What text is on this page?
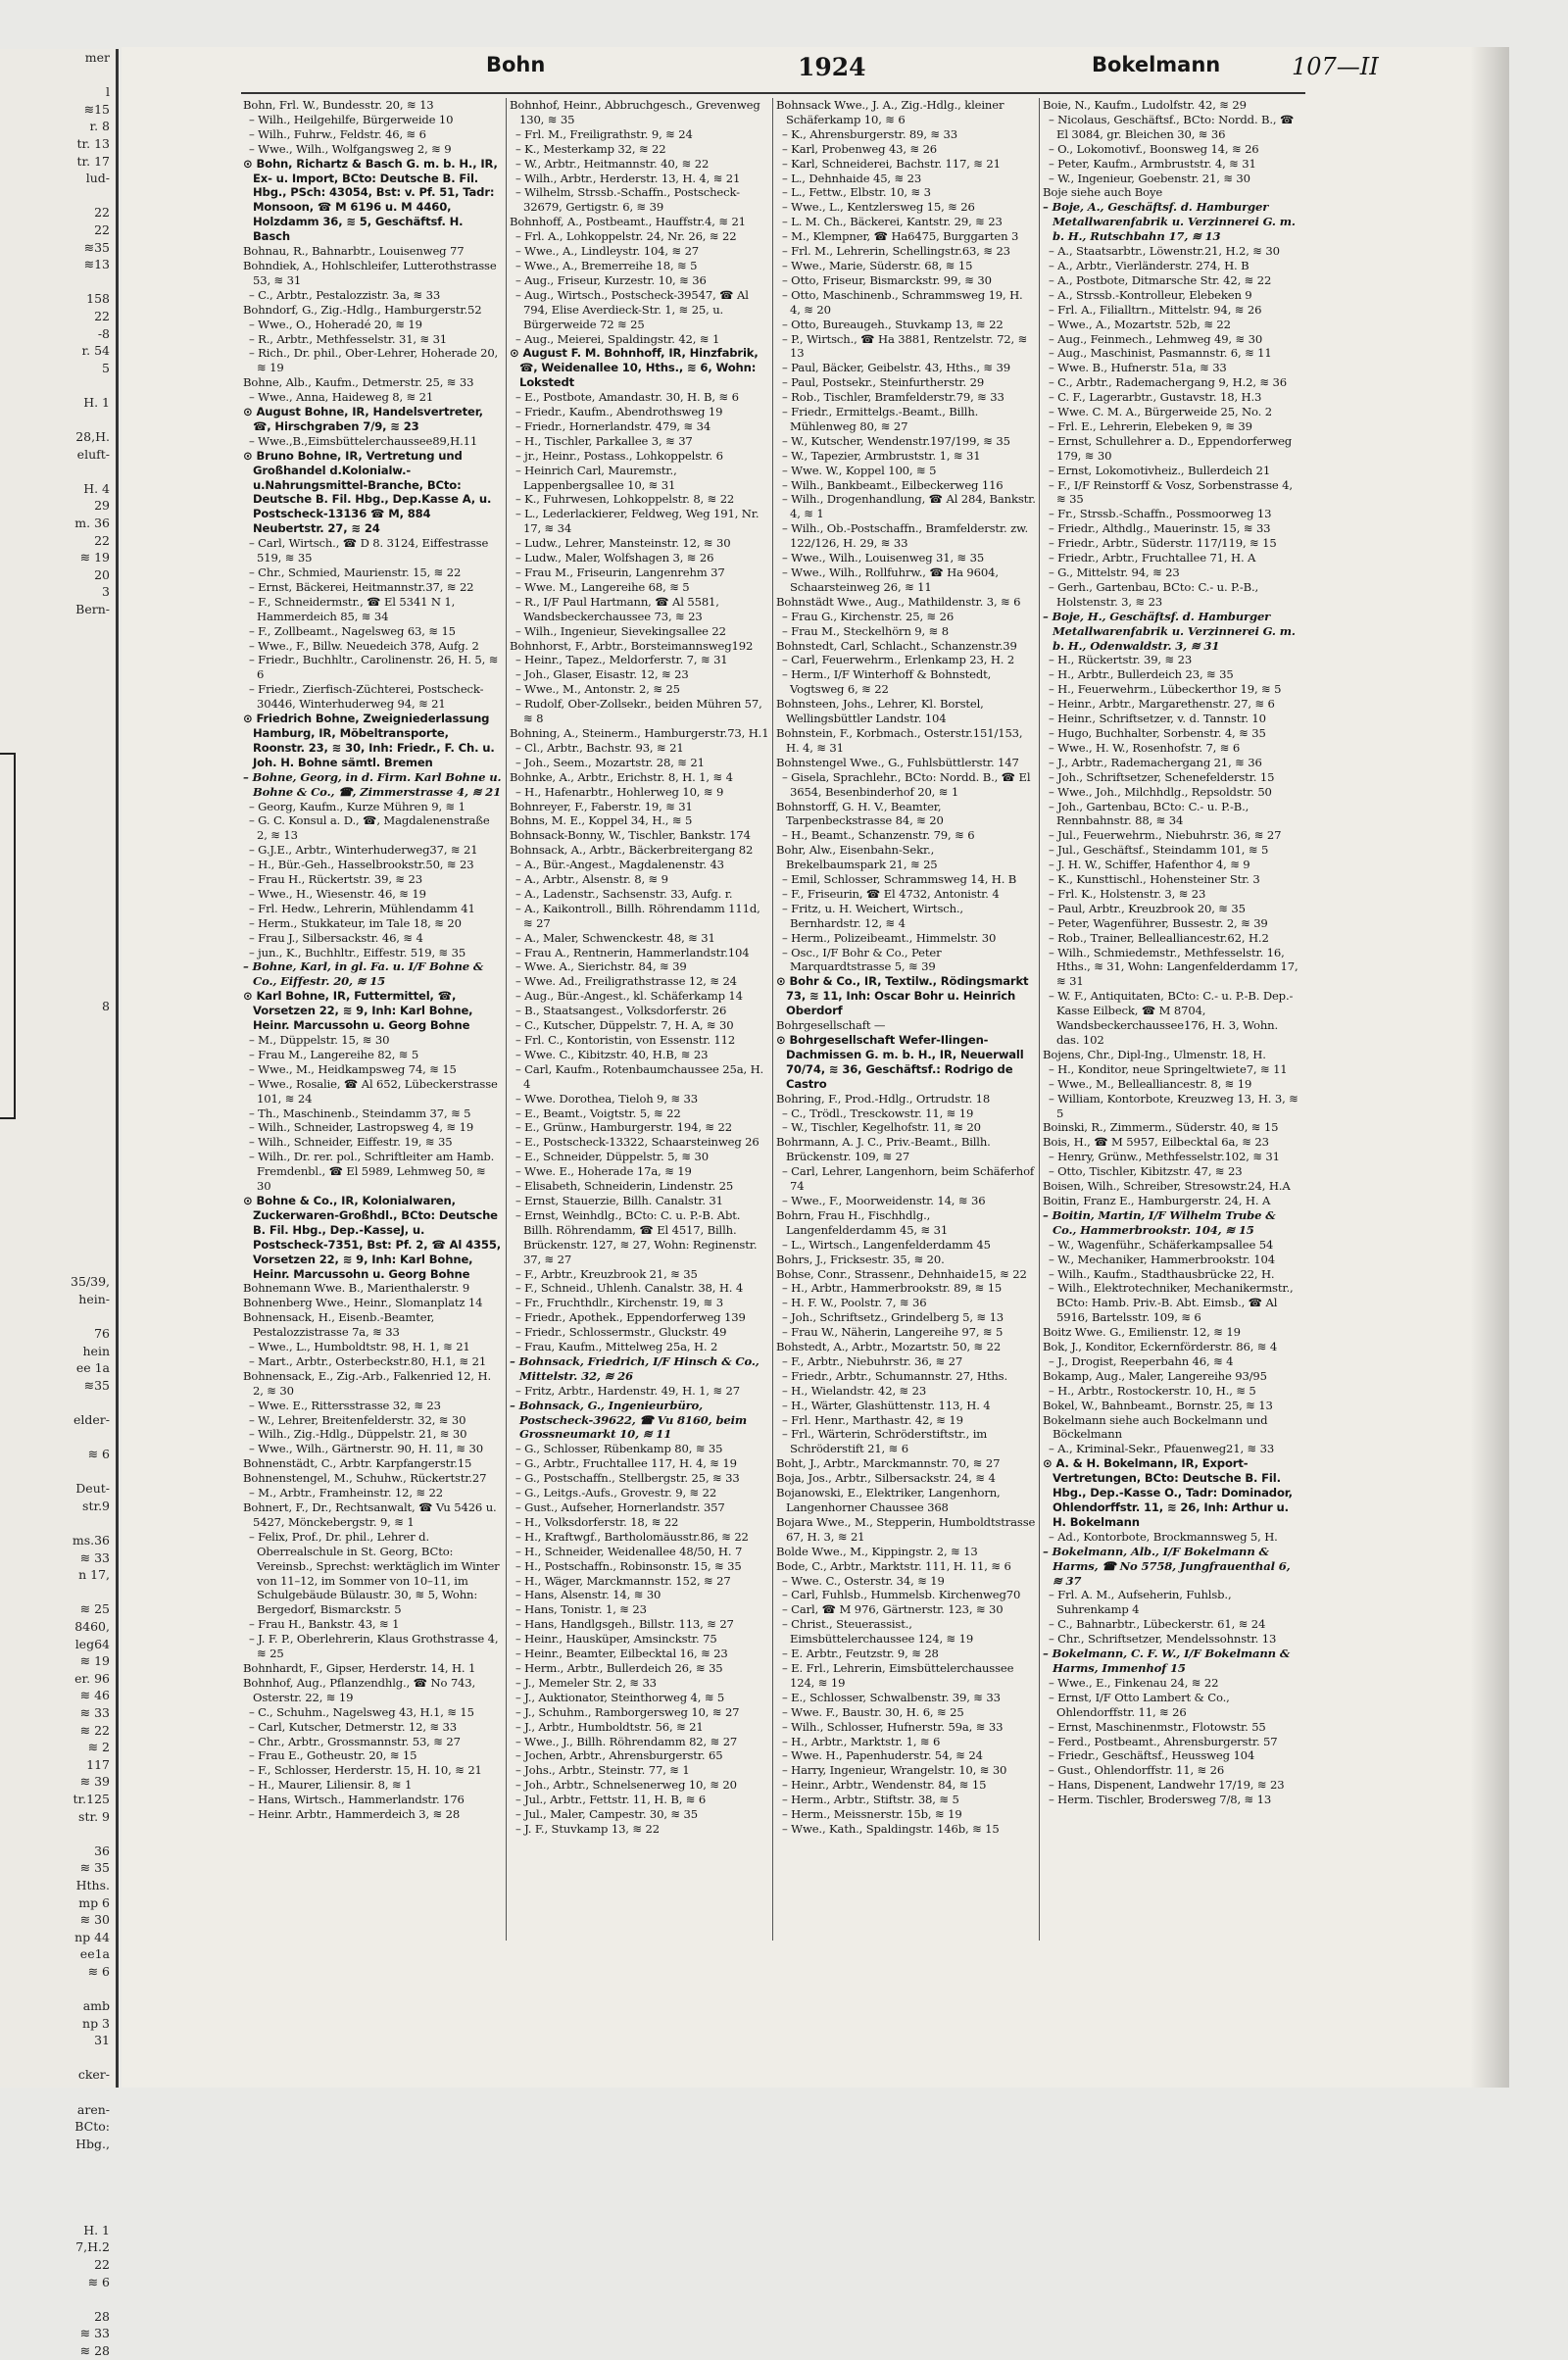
mer

l
≋15
r. 8
tr. 13
tr. 17
lud-

22
22
≋35
≋13

158
22
-8
r. 54
5

H. 1

28,H.
eluft-

H. 4
29
m. 36
22
≋ 19
20
3
Bern-

8

35/39,
hein-

76
hein
ee 1a
≋35

elder-

≋ 6

Deut-
str.9

ms.36
≋ 33
n 17,

≋ 25
8460,
leg64
≋ 19
er. 96
≋ 46
≋ 33
≋ 22
≋ 2
117
≋ 39
tr.125
str. 9

36
≋ 35
Hths.
mp 6
≋ 30
np 44
ee1a
≋ 6

amb
np 3
31

cker-

aren-
BCto:
Hbg.,

H. 1
7,H.2
22
≋ 6

28
≋ 33
≋ 28
Bohn	1924	Bokelmann	107—II

Bohn, Frl. W., Bundesstr. 20, ≋ 13

– Wilh., Heilgehilfe, Bürgerweide 10

– Wilh., Fuhrw., Feldstr. 46, ≋ 6

– Wwe., Wilh., Wolfgangsweg 2, ≋ 9

⊙ Bohn, Richartz & Basch G. m. b. H., IR, Ex- u. Import, BCto: Deutsche B. Fil. Hbg., PSch: 43054, Bst: v. Pf. 51, Tadr: Monsoon, ☎ M 6196 u. M 4460, Holzdamm 36, ≋ 5, Geschäftsf. H. Basch

Bohnau, R., Bahnarbtr., Louisenweg 77

Bohndiek, A., Hohlschleifer, Lutterothstrasse 53, ≋ 31

– C., Arbtr., Pestalozzistr. 3a, ≋ 33

Bohndorf, G., Zig.-Hdlg., Hamburgerstr.52

– Wwe., O., Hoheradé 20, ≋ 19

– R., Arbtr., Methfesselstr. 31, ≋ 31

– Rich., Dr. phil., Ober-Lehrer, Hoherade 20, ≋ 19

Bohne, Alb., Kaufm., Detmerstr. 25, ≋ 33

– Wwe., Anna, Haideweg 8, ≋ 21

⊙ August Bohne, IR, Handelsvertreter, ☎, Hirschgraben 7/9, ≋ 23

– Wwe.,B.,Eimsbüttelerchaussee89,H.11

⊙ Bruno Bohne, IR, Vertretung und Großhandel d.Kolonialw.-u.Nahrungsmittel-Branche, BCto: Deutsche B. Fil. Hbg., Dep.Kasse A, u. Postscheck-13136 ☎ M, 884 Neubertstr. 27, ≋ 24

– Carl, Wirtsch., ☎ D 8. 3124, Eiffestrasse 519, ≋ 35

– Chr., Schmied, Maurienstr. 15, ≋ 22

– Ernst, Bäckerei, Heitmannstr.37, ≋ 22

– F., Schneidermstr., ☎ El 5341 N 1, Hammerdeich 85, ≋ 34

– F., Zollbeamt., Nagelsweg 63, ≋ 15

– Wwe., F., Billw. Neuedeich 378, Aufg. 2

– Friedr., Buchhltr., Carolinenstr. 26, H. 5, ≋ 6

– Friedr., Zierfisch-Züchterei, Postscheck-30446, Winterhuderweg 94, ≋ 21

⊙ Friedrich Bohne, Zweigniederlassung Hamburg, IR, Möbeltransporte, Roonstr. 23, ≋ 30, Inh: Friedr., F. Ch. u. Joh. H. Bohne sämtl. Bremen

– Bohne, Georg, in d. Firm. Karl Bohne u. Bohne & Co., ☎, Zimmerstrasse 4, ≋ 21

– Georg, Kaufm., Kurze Mühren 9, ≋ 1

– G. C. Konsul a. D., ☎, Magdalenenstraße 2, ≋ 13

– G.J.E., Arbtr., Winterhuderweg37, ≋ 21

– H., Bür.-Geh., Hasselbrookstr.50, ≋ 23

– Frau H., Rückertstr. 39, ≋ 23

– Wwe., H., Wiesenstr. 46, ≋ 19

– Frl. Hedw., Lehrerin, Mühlendamm 41

– Herm., Stukkateur, im Tale 18, ≋ 20

– Frau J., Silbersackstr. 46, ≋ 4

– jun., K., Buchhltr., Eiffestr. 519, ≋ 35

– Bohne, Karl, in gl. Fa. u. I/F Bohne & Co., Eiffestr. 20, ≋ 15

⊙ Karl Bohne, IR, Futtermittel, ☎, Vorsetzen 22, ≋ 9, Inh: Karl Bohne, Heinr. Marcussohn u. Georg Bohne

– M., Düppelstr. 15, ≋ 30

– Frau M., Langereihe 82, ≋ 5

– Wwe., M., Heidkampsweg 74, ≋ 15

– Wwe., Rosalie, ☎ Al 652, Lübeckerstrasse 101, ≋ 24

– Th., Maschinenb., Steindamm 37, ≋ 5

– Wilh., Schneider, Lastropsweg 4, ≋ 19

– Wilh., Schneider, Eiffestr. 19, ≋ 35

– Wilh., Dr. rer. pol., Schriftleiter am Hamb. Fremdenbl., ☎ El 5989, Lehmweg 50, ≋ 30

⊙ Bohne & Co., IR, Kolonialwaren, Zuckerwaren-Großhdl., BCto: Deutsche B. Fil. Hbg., Dep.-KasseJ, u. Postscheck-7351, Bst: Pf. 2, ☎ Al 4355, Vorsetzen 22, ≋ 9, Inh: Karl Bohne, Heinr. Marcussohn u. Georg Bohne

Bohnemann Wwe. B., Marienthalerstr. 9

Bohnenberg Wwe., Heinr., Slomanplatz 14

Bohnensack, H., Eisenb.-Beamter, Pestalozzistrasse 7a, ≋ 33

– Wwe., L., Humboldtstr. 98, H. 1, ≋ 21

– Mart., Arbtr., Osterbeckstr.80, H.1, ≋ 21

Bohnensack, E., Zig.-Arb., Falkenried 12, H. 2, ≋ 30

– Wwe. E., Rittersstrasse 32, ≋ 23

– W., Lehrer, Breitenfelderstr. 32, ≋ 30

– Wilh., Zig.-Hdlg., Düppelstr. 21, ≋ 30

– Wwe., Wilh., Gärtnerstr. 90, H. 11, ≋ 30

Bohnenstädt, C., Arbtr. Karpfangerstr.15

Bohnenstengel, M., Schuhw., Rückertstr.27

– M., Arbtr., Framheinstr. 12, ≋ 22

Bohnert, F., Dr., Rechtsanwalt, ☎ Vu 5426 u. 5427, Mönckebergstr. 9, ≋ 1

– Felix, Prof., Dr. phil., Lehrer d. Oberrealschule in St. Georg, BCto: Vereinsb., Sprechst: werktäglich im Winter von 11–12, im Sommer von 10–11, im Schulgebäude Bülaustr. 30, ≋ 5, Wohn: Bergedorf, Bismarckstr. 5

– Frau H., Bankstr. 43, ≋ 1

– J. F. P., Oberlehrerin, Klaus Grothstrasse 4, ≋ 25

Bohnhardt, F., Gipser, Herderstr. 14, H. 1

Bohnhof, Aug., Pflanzendhlg., ☎ No 743, Osterstr. 22, ≋ 19

– C., Schuhm., Nagelsweg 43, H.1, ≋ 15

– Carl, Kutscher, Detmerstr. 12, ≋ 33

– Chr., Arbtr., Grossmannstr. 53, ≋ 27

– Frau E., Gotheustr. 20, ≋ 15

– F., Schlosser, Herderstr. 15, H. 10, ≋ 21

– H., Maurer, Liliensir. 8, ≋ 1

– Hans, Wirtsch., Hammerlandstr. 176

– Heinr. Arbtr., Hammerdeich 3, ≋ 28

Bohnhof, Heinr., Abbruchgesch., Grevenweg 130, ≋ 35

– Frl. M., Freiligrathstr. 9, ≋ 24

– K., Mesterkamp 32, ≋ 22

– W., Arbtr., Heitmannstr. 40, ≋ 22

– Wilh., Arbtr., Herderstr. 13, H. 4, ≋ 21

– Wilhelm, Strssb.-Schaffn., Postscheck-32679, Gertigstr. 6, ≋ 39

Bohnhoff, A., Postbeamt., Hauffstr.4, ≋ 21

– Frl. A., Lohkoppelstr. 24, Nr. 26, ≋ 22

– Wwe., A., Lindleystr. 104, ≋ 27

– Wwe., A., Bremerreihe 18, ≋ 5

– Aug., Friseur, Kurzestr. 10, ≋ 36

– Aug., Wirtsch., Postscheck-39547, ☎ Al 794, Elise Averdieck-Str. 1, ≋ 25, u. Bürgerweide 72 ≋ 25

– Aug., Meierei, Spaldingstr. 42, ≋ 1

⊙ August F. M. Bohnhoff, IR, Hinzfabrik, ☎, Weidenallee 10, Hths., ≋ 6, Wohn: Lokstedt

– E., Postbote, Amandastr. 30, H. B, ≋ 6

– Friedr., Kaufm., Abendrothsweg 19

– Friedr., Hornerlandstr. 479, ≋ 34

– H., Tischler, Parkallee 3, ≋ 37

– jr., Heinr., Postass., Lohkoppelstr. 6

– Heinrich Carl, Mauremstr., Lappenbergsallee 10, ≋ 31

– K., Fuhrwesen, Lohkoppelstr. 8, ≋ 22

– L., Lederlackierer, Feldweg, Weg 191, Nr. 17, ≋ 34

– Ludw., Lehrer, Mansteinstr. 12, ≋ 30

– Ludw., Maler, Wolfshagen 3, ≋ 26

– Frau M., Friseurin, Langenrehm 37

– Wwe. M., Langereihe 68, ≋ 5

– R., I/F Paul Hartmann, ☎ Al 5581, Wandsbeckerchaussee 73, ≋ 23

– Wilh., Ingenieur, Sievekingsallee 22

Bohnhorst, F., Arbtr., Borsteimannsweg192

– Heinr., Tapez., Meldorferstr. 7, ≋ 31

– Joh., Glaser, Eisastr. 12, ≋ 23

– Wwe., M., Antonstr. 2, ≋ 25

– Rudolf, Ober-Zollsekr., beiden Mühren 57, ≋ 8

Bohning, A., Steinerm., Hamburgerstr.73, H.1

– Cl., Arbtr., Bachstr. 93, ≋ 21

– Joh., Seem., Mozartstr. 28, ≋ 21

Bohnke, A., Arbtr., Erichstr. 8, H. 1, ≋ 4

– H., Hafenarbtr., Hohlerweg 10, ≋ 9

Bohnreyer, F., Faberstr. 19, ≋ 31

Bohns, M. E., Koppel 34, H., ≋ 5

Bohnsack-Bonny, W., Tischler, Bankstr. 174

Bohnsack, A., Arbtr., Bäckerbreitergang 82

– A., Bür.-Angest., Magdalenenstr. 43

– A., Arbtr., Alsenstr. 8, ≋ 9

– A., Ladenstr., Sachsenstr. 33, Aufg. r.

– A., Kaikontroll., Billh. Röhrendamm 111d, ≋ 27

– A., Maler, Schwenckestr. 48, ≋ 31

– Frau A., Rentnerin, Hammerlandstr.104

– Wwe. A., Sierichstr. 84, ≋ 39

– Wwe. Ad., Freiligrathstrasse 12, ≋ 24

– Aug., Bür.-Angest., kl. Schäferkamp 14

– B., Staatsangest., Volksdorferstr. 26

– C., Kutscher, Düppelstr. 7, H. A, ≋ 30

– Frl. C., Kontoristin, von Essenstr. 112

– Wwe. C., Kibitzstr. 40, H.B, ≋ 23

– Carl, Kaufm., Rotenbaumchaussee 25a, H. 4

– Wwe. Dorothea, Tieloh 9, ≋ 33

– E., Beamt., Voigtstr. 5, ≋ 22

– E., Grünw., Hamburgerstr. 194, ≋ 22

– E., Postscheck-13322, Schaarsteinweg 26

– E., Schneider, Düppelstr. 5, ≋ 30

– Wwe. E., Hoherade 17a, ≋ 19

– Elisabeth, Schneiderin, Lindenstr. 25

– Ernst, Stauerzie, Billh. Canalstr. 31

– Ernst, Weinhdlg., BCto: C. u. P.-B. Abt. Billh. Röhrendamm, ☎ El 4517, Billh. Brückenstr. 127, ≋ 27, Wohn: Reginenstr. 37, ≋ 27

– F., Arbtr., Kreuzbrook 21, ≋ 35

– F., Schneid., Uhlenh. Canalstr. 38, H. 4

– Fr., Fruchthdlr., Kirchenstr. 19, ≋ 3

– Friedr., Apothek., Eppendorferweg 139

– Friedr., Schlossermstr., Gluckstr. 49

– Frau, Kaufm., Mittelweg 25a, H. 2

– Bohnsack, Friedrich, I/F Hinsch & Co., Mittelstr. 32, ≋ 26

– Fritz, Arbtr., Hardenstr. 49, H. 1, ≋ 27

– Bohnsack, G., Ingenieurbüro, Postscheck-39622, ☎ Vu 8160, beim Grossneumarkt 10, ≋ 11

– G., Schlosser, Rübenkamp 80, ≋ 35

– G., Arbtr., Fruchtallee 117, H. 4, ≋ 19

– G., Postschaffn., Stellbergstr. 25, ≋ 33

– G., Leitgs.-Aufs., Grovestr. 9, ≋ 22

– Gust., Aufseher, Hornerlandstr. 357

– H., Volksdorferstr. 18, ≋ 22

– H., Kraftwgf., Bartholomäusstr.86, ≋ 22

– H., Schneider, Weidenallee 48/50, H. 7

– H., Postschaffn., Robinsonstr. 15, ≋ 35

– H., Wäger, Marckmannstr. 152, ≋ 27

– Hans, Alsenstr. 14, ≋ 30

– Hans, Tonistr. 1, ≋ 23

– Hans, Handlgsgeh., Billstr. 113, ≋ 27

– Heinr., Hausküper, Amsinckstr. 75

– Heinr., Beamter, Eilbecktal 16, ≋ 23

– Herm., Arbtr., Bullerdeich 26, ≋ 35

– J., Memeler Str. 2, ≋ 33

– J., Auktionator, Steinthorweg 4, ≋ 5

– J., Schuhm., Ramborgersweg 10, ≋ 27

– J., Arbtr., Humboldtstr. 56, ≋ 21

– Wwe., J., Billh. Röhrendamm 82, ≋ 27

– Jochen, Arbtr., Ahrensburgerstr. 65

– Johs., Arbtr., Steinstr. 77, ≋ 1

– Joh., Arbtr., Schnelsenerweg 10, ≋ 20

– Jul., Arbtr., Fettstr. 11, H. B, ≋ 6

– Jul., Maler, Campestr. 30, ≋ 35

– J. F., Stuvkamp 13, ≋ 22

Bohnsack Wwe., J. A., Zig.-Hdlg., kleiner Schäferkamp 10, ≋ 6

– K., Ahrensburgerstr. 89, ≋ 33

– Karl, Probenweg 43, ≋ 26

– Karl, Schneiderei, Bachstr. 117, ≋ 21

– L., Dehnhaide 45, ≋ 23

– L., Fettw., Elbstr. 10, ≋ 3

– Wwe., L., Kentzlersweg 15, ≋ 26

– L. M. Ch., Bäckerei, Kantstr. 29, ≋ 23

– M., Klempner, ☎ Ha6475, Burggarten 3

– Frl. M., Lehrerin, Schellingstr.63, ≋ 23

– Wwe., Marie, Süderstr. 68, ≋ 15

– Otto, Friseur, Bismarckstr. 99, ≋ 30

– Otto, Maschinenb., Schrammsweg 19, H. 4, ≋ 20

– Otto, Bureaugeh., Stuvkamp 13, ≋ 22

– P., Wirtsch., ☎ Ha 3881, Rentzelstr. 72, ≋ 13

– Paul, Bäcker, Geibelstr. 43, Hths., ≋ 39

– Paul, Postsekr., Steinfurtherstr. 29

– Rob., Tischler, Bramfelderstr.79, ≋ 33

– Friedr., Ermittelgs.-Beamt., Billh. Mühlenweg 80, ≋ 27

– W., Kutscher, Wendenstr.197/199, ≋ 35

– W., Tapezier, Armbruststr. 1, ≋ 31

– Wwe. W., Koppel 100, ≋ 5

– Wilh., Bankbeamt., Eilbeckerweg 116

– Wilh., Drogenhandlung, ☎ Al 284, Bankstr. 4, ≋ 1

– Wilh., Ob.-Postschaffn., Bramfelderstr. zw. 122/126, H. 29, ≋ 33

– Wwe., Wilh., Louisenweg 31, ≋ 35

– Wwe., Wilh., Rollfuhrw., ☎ Ha 9604, Schaarsteinweg 26, ≋ 11

Bohnstädt Wwe., Aug., Mathildenstr. 3, ≋ 6

– Frau G., Kirchenstr. 25, ≋ 26

– Frau M., Steckelhörn 9, ≋ 8

Bohnstedt, Carl, Schlacht., Schanzenstr.39

– Carl, Feuerwehrm., Erlenkamp 23, H. 2

– Herm., I/F Winterhoff & Bohnstedt, Vogtsweg 6, ≋ 22

Bohnsteen, Johs., Lehrer, Kl. Borstel, Wellingsbüttler Landstr. 104

Bohnstein, F., Korbmach., Osterstr.151/153, H. 4, ≋ 31

Bohnstengel Wwe., G., Fuhlsbüttlerstr. 147

– Gisela, Sprachlehr., BCto: Nordd. B., ☎ El 3654, Besenbinderhof 20, ≋ 1

Bohnstorff, G. H. V., Beamter, Tarpenbeckstrasse 84, ≋ 20

– H., Beamt., Schanzenstr. 79, ≋ 6

Bohr, Alw., Eisenbahn-Sekr., Brekelbaumspark 21, ≋ 25

– Emil, Schlosser, Schrammsweg 14, H. B

– F., Friseurin, ☎ El 4732, Antonistr. 4

– Fritz, u. H. Weichert, Wirtsch., Bernhardstr. 12, ≋ 4

– Herm., Polizeibeamt., Himmelstr. 30

– Osc., I/F Bohr & Co., Peter Marquardtstrasse 5, ≋ 39

⊙ Bohr & Co., IR, Textilw., Rödingsmarkt 73, ≋ 11, Inh: Oscar Bohr u. Heinrich Oberdorf

Bohrgesellschaft —

⊙ Bohrgesellschaft Wefer-Ilingen-Dachmissen G. m. b. H., IR, Neuerwall 70/74, ≋ 36, Geschäftsf.: Rodrigo de Castro

Bohring, F., Prod.-Hdlg., Ortrudstr. 18

– C., Trödl., Tresckowstr. 11, ≋ 19

– W., Tischler, Kegelhofstr. 11, ≋ 20

Bohrmann, A. J. C., Priv.-Beamt., Billh. Brückenstr. 109, ≋ 27

– Carl, Lehrer, Langenhorn, beim Schäferhof 74

– Wwe., F., Moorweidenstr. 14, ≋ 36

Bohrn, Frau H., Fischhdlg., Langenfelderdamm 45, ≋ 31

– L., Wirtsch., Langenfelderdamm 45

Bohrs, J., Fricksestr. 35, ≋ 20.

Bohse, Conr., Strassenr., Dehnhaide15, ≋ 22

– H., Arbtr., Hammerbrookstr. 89, ≋ 15

– H. F. W., Poolstr. 7, ≋ 36

– Joh., Schriftsetz., Grindelberg 5, ≋ 13

– Frau W., Näherin, Langereihe 97, ≋ 5

Bohstedt, A., Arbtr., Mozartstr. 50, ≋ 22

– F., Arbtr., Niebuhrstr. 36, ≋ 27

– Friedr., Arbtr., Schumannstr. 27, Hths.

– H., Wielandstr. 42, ≋ 23

– H., Wärter, Glashüttenstr. 113, H. 4

– Frl. Henr., Marthastr. 42, ≋ 19

– Frl., Wärterin, Schröderstiftstr., im Schröderstift 21, ≋ 6

Boht, J., Arbtr., Marckmannstr. 70, ≋ 27

Boja, Jos., Arbtr., Silbersackstr. 24, ≋ 4

Bojanowski, E., Elektriker, Langenhorn, Langenhorner Chaussee 368

Bojara Wwe., M., Stepperin, Humboldtstrasse 67, H. 3, ≋ 21

Bolde Wwe., M., Kippingstr. 2, ≋ 13

Bode, C., Arbtr., Marktstr. 111, H. 11, ≋ 6

– Wwe. C., Osterstr. 34, ≋ 19

– Carl, Fuhlsb., Hummelsb. Kirchenweg70

– Carl, ☎ M 976, Gärtnerstr. 123, ≋ 30

– Christ., Steuerassist., Eimsbüttelerchaussee 124, ≋ 19

– E. Arbtr., Feutzstr. 9, ≋ 28

– E. Frl., Lehrerin, Eimsbüttelerchaussee 124, ≋ 19

– E., Schlosser, Schwalbenstr. 39, ≋ 33

– Wwe. F., Baustr. 30, H. 6, ≋ 25

– Wilh., Schlosser, Hufnerstr. 59a, ≋ 33

– H., Arbtr., Marktstr. 1, ≋ 6

– Wwe. H., Papenhuderstr. 54, ≋ 24

– Harry, Ingenieur, Wrangelstr. 10, ≋ 30

– Heinr., Arbtr., Wendenstr. 84, ≋ 15

– Herm., Arbtr., Stiftstr. 38, ≋ 5

– Herm., Meissnerstr. 15b, ≋ 19

– Wwe., Kath., Spaldingstr. 146b, ≋ 15

Boie, N., Kaufm., Ludolfstr. 42, ≋ 29

– Nicolaus, Geschäftsf., BCto: Nordd. B., ☎ El 3084, gr. Bleichen 30, ≋ 36

– O., Lokomotivf., Boonsweg 14, ≋ 26

– Peter, Kaufm., Armbruststr. 4, ≋ 31

– W., Ingenieur, Goebenstr. 21, ≋ 30

Boje siehe auch Boye

– Boje, A., Geschäftsf. d. Hamburger Metallwarenfabrik u. Verzinnerei G. m. b. H., Rutschbahn 17, ≋ 13

– A., Staatsarbtr., Löwenstr.21, H.2, ≋ 30

– A., Arbtr., Vierländerstr. 274, H. B

– A., Postbote, Ditmarsche Str. 42, ≋ 22

– A., Strssb.-Kontrolleur, Elebeken 9

– Frl. A., Filialltrn., Mittelstr. 94, ≋ 26

– Wwe., A., Mozartstr. 52b, ≋ 22

– Aug., Feinmech., Lehmweg 49, ≋ 30

– Aug., Maschinist, Pasmannstr. 6, ≋ 11

– Wwe. B., Hufnerstr. 51a, ≋ 33

– C., Arbtr., Rademachergang 9, H.2, ≋ 36

– C. F., Lagerarbtr., Gustavstr. 18, H.3

– Wwe. C. M. A., Bürgerweide 25, No. 2

– Frl. E., Lehrerin, Elebeken 9, ≋ 39

– Ernst, Schullehrer a. D., Eppendorferweg 179, ≋ 30

– Ernst, Lokomotivheiz., Bullerdeich 21

– F., I/F Reinstorff & Vosz, Sorbenstrasse 4, ≋ 35

– Fr., Strssb.-Schaffn., Possmoorweg 13

– Friedr., Althdlg., Mauerinstr. 15, ≋ 33

– Friedr., Arbtr., Süderstr. 117/119, ≋ 15

– Friedr., Arbtr., Fruchtallee 71, H. A

– G., Mittelstr. 94, ≋ 23

– Gerh., Gartenbau, BCto: C.- u. P.-B., Holstenstr. 3, ≋ 23

– Boje, H., Geschäftsf. d. Hamburger Metallwarenfabrik u. Verzinnerei G. m. b. H., Odenwaldstr. 3, ≋ 31

– H., Rückertstr. 39, ≋ 23

– H., Arbtr., Bullerdeich 23, ≋ 35

– H., Feuerwehrm., Lübeckerthor 19, ≋ 5

– Heinr., Arbtr., Margarethenstr. 27, ≋ 6

– Heinr., Schriftsetzer, v. d. Tannstr. 10

– Hugo, Buchhalter, Sorbenstr. 4, ≋ 35

– Wwe., H. W., Rosenhofstr. 7, ≋ 6

– J., Arbtr., Rademachergang 21, ≋ 36

– Joh., Schriftsetzer, Schenefelderstr. 15

– Wwe., Joh., Milchhdlg., Repsoldstr. 50

– Joh., Gartenbau, BCto: C.- u. P.-B., Rennbahnstr. 88, ≋ 34

– Jul., Feuerwehrm., Niebuhrstr. 36, ≋ 27

– Jul., Geschäftsf., Steindamm 101, ≋ 5

– J. H. W., Schiffer, Hafenthor 4, ≋ 9

– K., Kunsttischl., Hohensteiner Str. 3

– Frl. K., Holstenstr. 3, ≋ 23

– Paul, Arbtr., Kreuzbrook 20, ≋ 35

– Peter, Wagenführer, Bussestr. 2, ≋ 39

– Rob., Trainer, Bellealliancestr.62, H.2

– Wilh., Schmiedemstr., Methfesselstr. 16, Hths., ≋ 31, Wohn: Langenfelderdamm 17, ≋ 31

– W. F., Antiquitaten, BCto: C.- u. P.-B. Dep.-Kasse Eilbeck, ☎ M 8704, Wandsbeckerchaussee176, H. 3, Wohn. das. 102

Bojens, Chr., Dipl-Ing., Ulmenstr. 18, H.

– H., Konditor, neue Springeltwiete7, ≋ 11

– Wwe., M., Bellealliancestr. 8, ≋ 19

– William, Kontorbote, Kreuzweg 13, H. 3, ≋ 5

Boinski, R., Zimmerm., Süderstr. 40, ≋ 15

Bois, H., ☎ M 5957, Eilbecktal 6a, ≋ 23

– Henry, Grünw., Methfesselstr.102, ≋ 31

– Otto, Tischler, Kibitzstr. 47, ≋ 23

Boisen, Wilh., Schreiber, Stresowstr.24, H.A

Boitin, Franz E., Hamburgerstr. 24, H. A

– Boitin, Martin, I/F Wilhelm Trube & Co., Hammerbrookstr. 104, ≋ 15

– W., Wagenführ., Schäferkampsallee 54

– W., Mechaniker, Hammerbrookstr. 104

– Wilh., Kaufm., Stadthausbrücke 22, H.

– Wilh., Elektrotechniker, Mechanikermstr., BCto: Hamb. Priv.-B. Abt. Eimsb., ☎ Al 5916, Bartelsstr. 109, ≋ 6

Boitz Wwe. G., Emilienstr. 12, ≋ 19

Bok, J., Konditor, Eckernförderstr. 86, ≋ 4

– J., Drogist, Reeperbahn 46, ≋ 4

Bokamp, Aug., Maler, Langereihe 93/95

– H., Arbtr., Rostockerstr. 10, H., ≋ 5

Bokel, W., Bahnbeamt., Bornstr. 25, ≋ 13

Bokelmann siehe auch Bockelmann und Böckelmann

– A., Kriminal-Sekr., Pfauenweg21, ≋ 33

⊙ A. & H. Bokelmann, IR, Export-Vertretungen, BCto: Deutsche B. Fil. Hbg., Dep.-Kasse O., Tadr: Dominador, Ohlendorffstr. 11, ≋ 26, Inh: Arthur u. H. Bokelmann

– Ad., Kontorbote, Brockmannsweg 5, H.

– Bokelmann, Alb., I/F Bokelmann & Harms, ☎ No 5758, Jungfrauenthal 6, ≋ 37

– Frl. A. M., Aufseherin, Fuhlsb., Suhrenkamp 4

– C., Bahnarbtr., Lübeckerstr. 61, ≋ 24

– Chr., Schriftsetzer, Mendelssohnstr. 13

– Bokelmann, C. F. W., I/F Bokelmann & Harms, Immenhof 15

– Wwe., E., Finkenau 24, ≋ 22

– Ernst, I/F Otto Lambert & Co., Ohlendorffstr. 11, ≋ 26

– Ernst, Maschinenmstr., Flotowstr. 55

– Ferd., Postbeamt., Ahrensburgerstr. 57

– Friedr., Geschäftsf., Heussweg 104

– Gust., Ohlendorffstr. 11, ≋ 26

– Hans, Dispenent, Landwehr 17/19, ≋ 23

– Herm. Tischler, Brodersweg 7/8, ≋ 13
